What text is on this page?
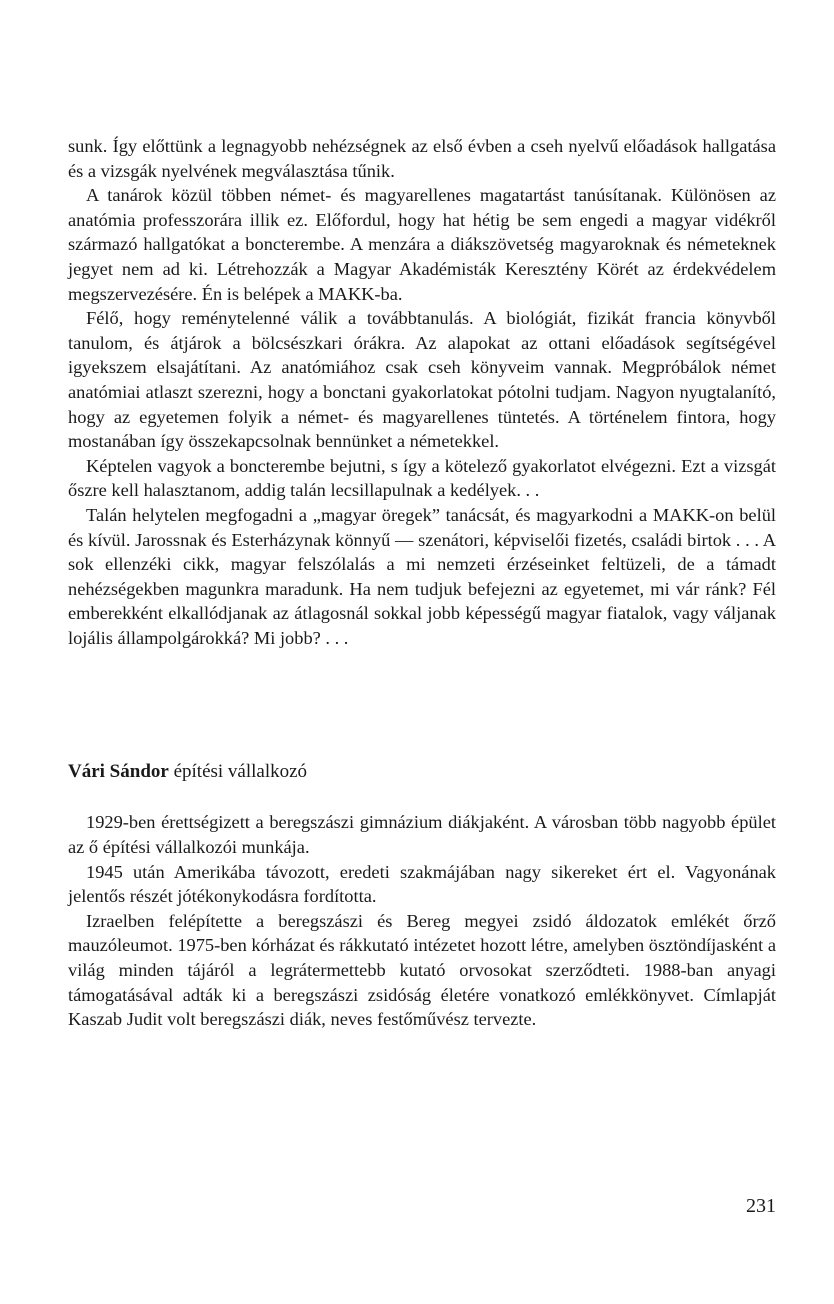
sunk. Így előttünk a legnagyobb nehézségnek az első évben a cseh nyelvű előadások hallgatása és a vizsgák nyelvének megválasztása tűnik.

A tanárok közül többen német- és magyarellenes magatartást tanúsítanak. Különösen az anatómia professzorára illik ez. Előfordul, hogy hat hétig be sem engedi a magyar vidékről származó hallgatókat a boncterembe. A menzára a diákszövetség magyaroknak és németeknek jegyet nem ad ki. Létrehozzák a Magyar Akadémisták Keresztény Körét az érdekvédelem megszervezésére. Én is belépek a MAKK-ba.

Félő, hogy reménytelenné válik a továbbtanulás. A biológiát, fizikát francia könyvből tanulom, és átjárok a bölcsészkari órákra. Az alapokat az ottani előadások segítségével igyekszem elsajátítani. Az anatómiához csak cseh könyveim vannak. Megpróbálok német anatómiai atlaszt szerezni, hogy a bonctani gyakorlatokat pótolni tudjam. Nagyon nyugtalanító, hogy az egyetemen folyik a német- és magyarellenes tüntetés. A történelem fintora, hogy mostanában így összekapcsolnak bennünket a németekkel.

Képtelen vagyok a boncterembe bejutni, s így a kötelező gyakorlatot elvégezni. Ezt a vizsgát őszre kell halasztanom, addig talán lecsillapulnak a kedélyek. . .

Talán helytelen megfogadni a „magyar öregek” tanácsát, és magyarkodni a MAKK-on belül és kívül. Jarossnak és Esterházynak könnyű — szenátori, képviselői fizetés, családi birtok . . . A sok ellenzéki cikk, magyar felszólalás a mi nemzeti érzéseinket feltüzeli, de a támadt nehézségekben magunkra maradunk. Ha nem tudjuk befejezni az egyetemet, mi vár ránk? Fél emberekként elkallódjanak az átlagosnál sokkal jobb képességű magyar fiatalok, vagy váljanak lojális állampolgárokká? Mi jobb? . . .

Vári Sándor építési vállalkozó

1929-ben érettségizett a beregszászi gimnázium diákjaként. A városban több nagyobb épület az ő építési vállalkozói munkája.

1945 után Amerikába távozott, eredeti szakmájában nagy sikereket ért el. Vagyonának jelentős részét jótékonykodásra fordította.

Izraelben felépítette a beregszászi és Bereg megyei zsidó áldozatok emlékét őrző mauzóleumot. 1975-ben kórházat és rákkutató intézetet hozott létre, amelyben ösztöndíjasként a világ minden tájáról a legrátermettebb kutató orvosokat szerződteti. 1988-ban anyagi támogatásával adták ki a beregszászi zsidóság életére vonatkozó emlékkönyvet. Címlapját Kaszab Judit volt beregszászi diák, neves festőművész tervezte.

231
